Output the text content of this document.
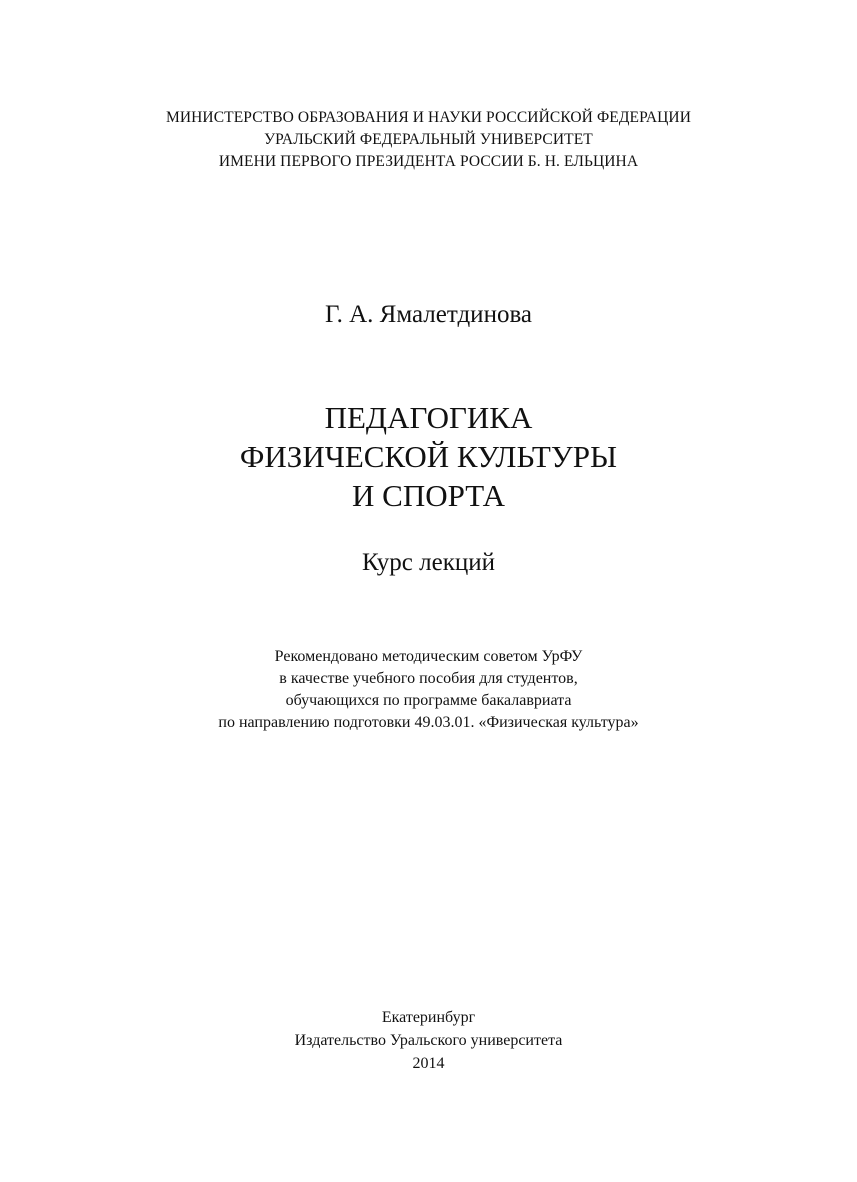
МИНИСТЕРСТВО ОБРАЗОВАНИЯ И НАУКИ РОССИЙСКОЙ ФЕДЕРАЦИИ
УРАЛЬСКИЙ ФЕДЕРАЛЬНЫЙ УНИВЕРСИТЕТ
ИМЕНИ ПЕРВОГО ПРЕЗИДЕНТА РОССИИ Б. Н. ЕЛЬЦИНА
Г. А. Ямалетдинова
ПЕДАГОГИКА
ФИЗИЧЕСКОЙ КУЛЬТУРЫ
И СПОРТА
Курс лекций
Рекомендовано методическим советом УрФУ
в качестве учебного пособия для студентов,
обучающихся по программе бакалавриата
по направлению подготовки 49.03.01. «Физическая культура»
Екатеринбург
Издательство Уральского университета
2014
